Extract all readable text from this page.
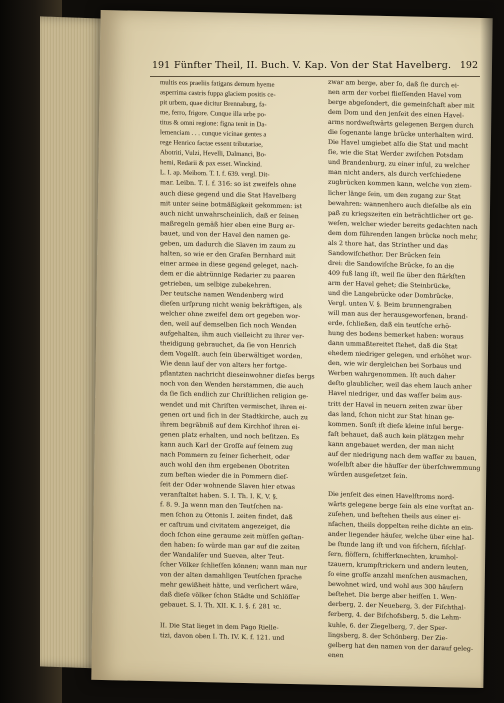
191 Fünfter Theil, II. Buch. V. Kap. Von der Stat Havelberg. 192
multis eos praeliis fatigans demum hyeme
asperrima castris fuppa glaciem positis ce-
pit urbem, quae dicitur Brennaburg, fa-
me, ferro, frigore. Cunque illa urbe po-
titus & omni regione: figna tenit in Da-
lemenciam . . . cunque vicinae gentes a
rege Henrico factae essent tributariae,
Abotriti, Vulzi, Hevelli, Dalmanci, Bo-
hemi, Redarii & pax esset. Winckind.
L. I. ap. Meibom. T. I. f. 639. vergl. Dit-
mar. Leibn. T. I. f. 316: so ist zweifels ohne
auch diese gegend und die Stat Havelberg
mit unter seine botmäßigkeit gekommen: ist
auch nicht unwahrscheinlich, daß er ſeinen
maßregeln gemäß hier eben eine Burg er-
bauet, und von der Havel den namen ge-
geben, um dadurch die Slaven im zaum zu
halten, so wie er den Grafen Bernhard mit
einer armee in diese gegend geleget, nach-
dem er die abtrünnige Redarier zu paaren
getrieben, um selbige zubekehren.
Der teutsche namen Wendenberg wird
dieſen urſprung nicht wenig bekräftigen, als
welcher ohne zweifel dem ort gegeben wor-
den, weil auf demselben ſich noch Wenden
aufgehalten, ihm auch vielleicht zu ihrer ver-
theidigung gebrauchet, da ſie von Henrich
dem Vogelſt. auch ſein überwältiget worden.
Wie denn lauf der von alters her fortge-
pflantzten nachricht dieseinwohner dieſes bergs
noch von den Wenden herstammen, die auch
da ſie ſich endlich zur Chriſtlichen religion ge-
wendet und mit Chriſten vermischet, ihren ei-
genen ort und ſich in der Stadtkirche, auch zu
ihrem begräbniß auf dem Kirchhof ihren ei-
genen platz erhalten, und noch beſitzen. Es
kann auch Karl der Groſſe auf ſeinem zug
nach Pommern zu ſeiner ſicherheit, oder
auch wohl den ihm ergebenen Obotriten
zum beſten wieder die in Pommern dieſ-
ſeit der Oder wohnende Slaven hier etwas
veranſtaltet haben. S. I. Th. I. K. V. §.
f. 8. 9. Ja wenn man den Teutſchen na-
men ſchon zu Ottonis I. zeiten findet, daß
er caſtrum und civitatem angezeiget, die
doch ſchon eine geraume zeit müſſen geſtan-
den haben: ſo würde man gar auf die zeiten
der Wandaliſer und Sueven, alter Teut-
ſcher Völker ſchlieſſen können; wann man nur
von der alten damahligen Teutſchen ſprache
mehr gewißheit hätte, und verſichert wäre,
daß dieſe völker ſchon Städte und Schlöſſer
gebauet. S. I. Th. XII. K. I. §. f. 281 ꝛc.

II. Die Stat lieget in dem Pago Rielle-
tizi, davon oben I. Th. IV. K. f. 121. und
zwar am berge, aber ſo, daß ſie durch ei-
nen arm der vorbei flieſſenden Havel vom
berge abgeſondert, die gemeinſchaft aber mit
dem Dom und den jenſeit des einen Havel-
arms nordweſtwärts gelegenen Bergen durch
die ſogenante lange brücke unterhalten wird.
Die Havel umgiebet alſo die Stat und macht
ſie, wie die Stat Werder zwiſchen Potsdam
und Brandenburg, zu einer inſul, zu welcher
man nicht anders, als durch verſchiedene
zugbrücken kommen kann, welche von ziem-
licher länge ſein, um den zugang zur Stat
bewahren: wannenhero auch dieſelbe als ein
paß zu kriegszeiten ein beträchtlicher ort ge-
weſen, welcher wieder bereits gedachten nach
dem dom führenden langen brücke noch mehr,
als 2 thore hat, das Strinther und das
Sandowiſchethor. Der Brücken ſein
drei: die Sandowiſche Brücke, ſo an die
409 fuß lang iſt, weil ſie über den ſtärkſten
arm der Havel gehet; die Steinbrücke,
und die Langebrücke oder Dombrücke.
Vergl. unten V. §. Beim brunnengraben
will man aus der herausgeworfenen, brand-
erde, ſchließen, daß ein teutſche erhö-
hung des bodens bemerket haben: woraus
dann ummaßtereitet ſtehet, daß die Stat
ehedem niedriger gelegen, und erhöhet wor-
den, wie wir dergleichen bei Sorbaus und
Werben wahrgenommen. Iſt auch daher
deſto glaublicher, weil das ehem lauch anher
Havel niedriger, und das waſſer beim aus-
tritt der Havel in neuern zeiten zwar über
das land, ſchon nicht zur Stat hinan ge-
kommen. Sonſt iſt dieſe kleine inſul berge-
faſt behauet, daß auch kein plätzgen mehr
kann angebauet werden, der man nicht
auf der niedrigung nach dem waſſer zu bauen,
woſelbſt aber die häuſſer der überſchwemmung
würden ausgeſetzet ſein.

Die jenſeit des einen Havelſtroms nord-
wärts gelegene berge ſein als eine vorſtat an-
zuſehen, und beſtehen theils aus einer ei-
nfachen, theils doppelten reihe dichte an ein-
ander liegender häuſer, welche über eine hal-
be ſtunde lang iſt und von fiſchern, fiſchlaſ-
ſern, flöſſern, ſchifferknechten, krumhol-
tzauern, krumpſtrickern und andern leuten,
ſo eine groſſe anzahl menſchen ausmachen,
bewohnet wird, und wohl aus 300 häuſern
beſtehet. Die berge aber heiſſen 1. Wen-
derberg, 2. der Neueberg, 3. der Fiſchthal-
ferberg, 4. der Biſchofsberg, 5. die Lehm-
kuhle, 6. der Ziegelberg, 7. der Sper-
lingsberg, 8. der Schönberg. Der Zie-
gelberg hat den namen von der darauf geleg-
enen
